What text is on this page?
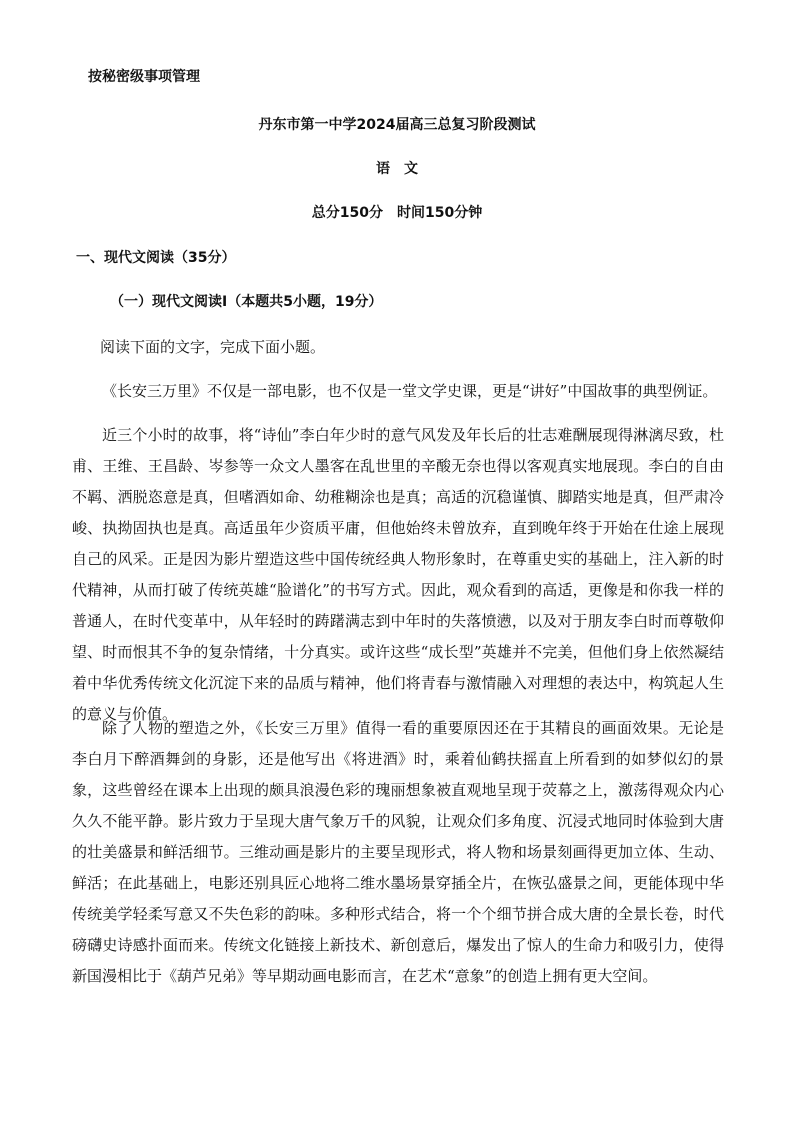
按秘密级事项管理
丹东市第一中学2024届高三总复习阶段测试
语文
总分150分　时间150分钟
一、现代文阅读（35分）
（一）现代文阅读Ⅰ（本题共5小题，19分）
阅读下面的文字，完成下面小题。

《长安三万里》不仅是一部电影，也不仅是一堂文学史课，更是“讲好”中国故事的典型例证。

近三个小时的故事，将“诗仙”李白年少时的意气风发及年长后的壮志难酬展现得淋漓尽致，杜甫、王维、王昌龄、岑参等一众文人墨客在乱世里的辛酸无奈也得以客观真实地展现。李白的自由不羁、洒脱恣意是真，但嗜酒如命、幼稚糊涂也是真；高适的沉稳谨慎、脚踏实地是真，但严肃冷峻、执拗固执也是真。高适虽年少资质平庸，但他始终未曾放弃，直到晚年终于开始在仕途上展现自己的风采。正是因为影片塑造这些中国传统经典人物形象时，在尊重史实的基础上，注入新的时代精神，从而打破了传统英雄“脸谱化”的书写方式。因此，观众看到的高适，更像是和你我一样的普通人，在时代变革中，从年轻时的踌躇满志到中年时的失落愤懑，以及对于朋友李白时而尊敬仰望、时而恨其不争的复杂情绪，十分真实。或许这些“成长型”英雄并不完美，但他们身上依然凝结着中华优秀传统文化沉淀下来的品质与精神，他们将青春与激情融入对理想的表达中，构筑起人生的意义与价值。

除了人物的塑造之外，《长安三万里》值得一看的重要原因还在于其精良的画面效果。无论是李白月下醉酒舞剑的身影，还是他写出《将进酒》时，乘着仙鹤扶摇直上所看到的如梦似幻的景象，这些曾经在课本上出现的颇具浪漫色彩的瑰丽想象被直观地呈现于荧幕之上，激荡得观众内心久久不能平静。影片致力于呈现大唐气象万千的风貌，让观众们多角度、沉浸式地同时体验到大唐的壮美盛景和鲜活细节。三维动画是影片的主要呈现形式，将人物和场景刻画得更加立体、生动、鲜活；在此基础上，电影还别具匠心地将二维水墨场景穿插全片，在恢弘盛景之间，更能体现中华传统美学轻柔写意又不失色彩的韵味。多种形式结合，将一个个细节拼合成大唐的全景长卷，时代磅礴史诗感扑面而来。传统文化链接上新技术、新创意后，爆发出了惊人的生命力和吸引力，使得新国漫相比于《葫芦兄弟》等早期动画电影而言，在艺术“意象”的创造上拥有更大空间。
